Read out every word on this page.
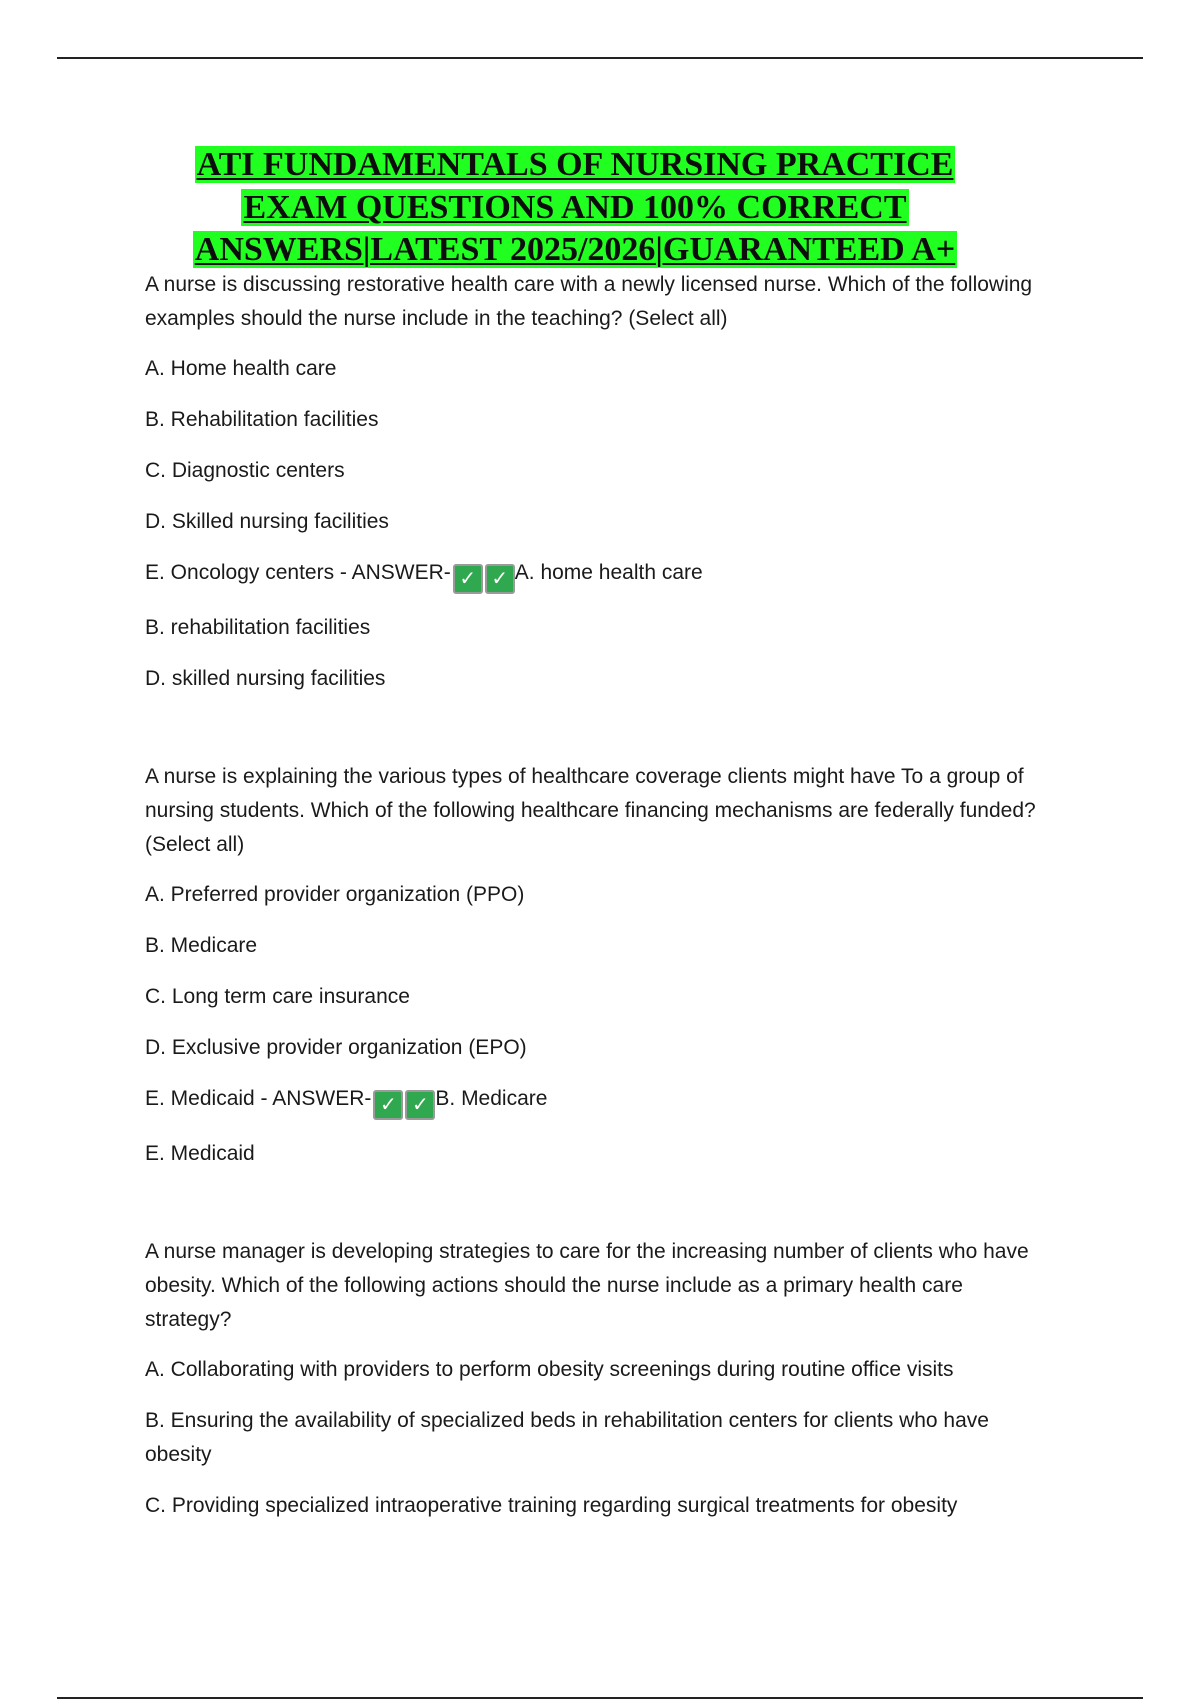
ATI FUNDAMENTALS OF NURSING PRACTICE
EXAM QUESTIONS AND 100% CORRECT
ANSWERS|LATEST 2025/2026|GUARANTEED A+

A nurse is discussing restorative health care with a newly licensed nurse. Which of the following examples should the nurse include in the teaching? (Select all)

A. Home health care

B. Rehabilitation facilities

C. Diagnostic centers

D. Skilled nursing facilities

E. Oncology centers - ANSWER- ✓ ✓ A. home health care

B. rehabilitation facilities

D. skilled nursing facilities

A nurse is explaining the various types of healthcare coverage clients might have To a group of nursing students. Which of the following healthcare financing mechanisms are federally funded? (Select all)

A. Preferred provider organization (PPO)

B. Medicare

C. Long term care insurance

D. Exclusive provider organization (EPO)

E. Medicaid - ANSWER- ✓ ✓ B. Medicare

E. Medicaid

A nurse manager is developing strategies to care for the increasing number of clients who have obesity. Which of the following actions should the nurse include as a primary health care strategy?

A. Collaborating with providers to perform obesity screenings during routine office visits

B. Ensuring the availability of specialized beds in rehabilitation centers for clients who have obesity

C. Providing specialized intraoperative training regarding surgical treatments for obesity
